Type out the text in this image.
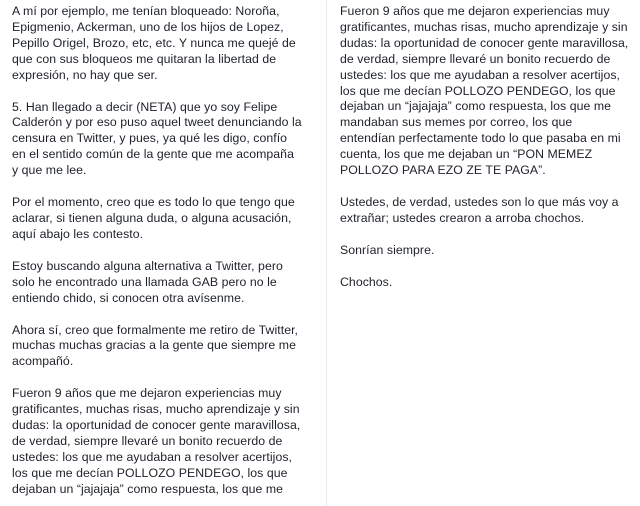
A mí por ejemplo, me tenían bloqueado: Noroña,
Epigmenio, Ackerman, uno de los hijos de Lopez,
Pepillo Origel, Brozo, etc, etc. Y nunca me quejé de
que con sus bloqueos me quitaran la libertad de
expresión, no hay que ser.

5. Han llegado a decir (NETA) que yo soy Felipe
Calderón y por eso puso aquel tweet denunciando la
censura en Twitter, y pues, ya qué les digo, confío
en el sentido común de la gente que me acompaña
y que me lee.

Por el momento, creo que es todo lo que tengo que
aclarar, si tienen alguna duda, o alguna acusación,
aquí abajo les contesto.

Estoy buscando alguna alternativa a Twitter, pero
solo he encontrado una llamada GAB pero no le
entiendo chido, si conocen otra avísenme.

Ahora sí, creo que formalmente me retiro de Twitter,
muchas muchas gracias a la gente que siempre me
acompañó.

Fueron 9 años que me dejaron experiencias muy
gratificantes, muchas risas, mucho aprendizaje y sin
dudas: la oportunidad de conocer gente maravillosa,
de verdad, siempre llevaré un bonito recuerdo de
ustedes: los que me ayudaban a resolver acertijos,
los que me decían POLLOZO PENDEGO, los que
dejaban un “jajajaja” como respuesta, los que me

Fueron 9 años que me dejaron experiencias muy
gratificantes, muchas risas, mucho aprendizaje y sin
dudas: la oportunidad de conocer gente maravillosa,
de verdad, siempre llevaré un bonito recuerdo de
ustedes: los que me ayudaban a resolver acertijos,
los que me decían POLLOZO PENDEGO, los que
dejaban un “jajajaja” como respuesta, los que me
mandaban sus memes por correo, los que
entendían perfectamente todo lo que pasaba en mi
cuenta, los que me dejaban un “PON MEMEZ
POLLOZO PARA EZO ZE TE PAGA”.

Ustedes, de verdad, ustedes son lo que más voy a
extrañar; ustedes crearon a arroba chochos.

Sonrían siempre.

Chochos.
